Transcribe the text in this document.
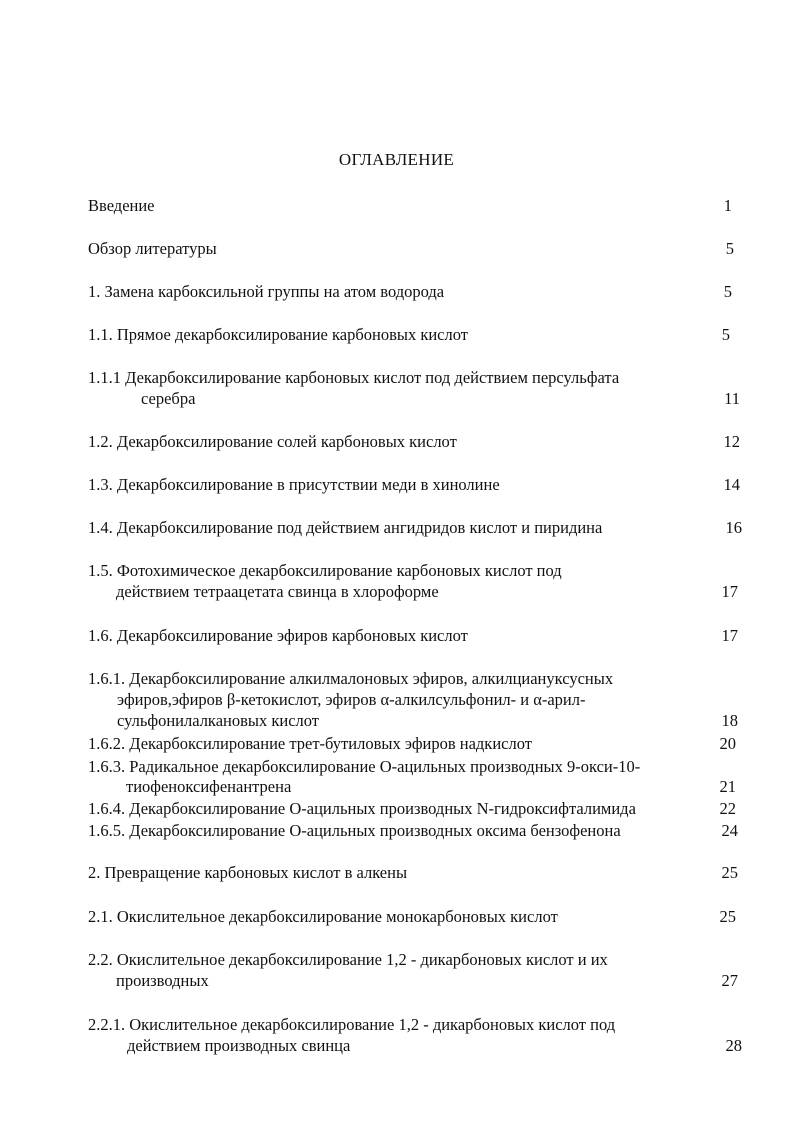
ОГЛАВЛЕНИЕ
Введение	1
Обзор литературы	5
1. Замена карбоксильной группы на атом водорода	5
1.1. Прямое декарбоксилирование карбоновых кислот	5
1.1.1 Декарбоксилирование карбоновых кислот под действием персульфата
серебра	11
1.2. Декарбоксилирование солей карбоновых кислот	12
1.3. Декарбоксилирование в присутствии меди в хинолине	14
1.4. Декарбоксилирование под действием ангидридов кислот и пиридина	16
1.5. Фотохимическое декарбоксилирование карбоновых кислот под
действием тетраацетата свинца в хлороформе	17
1.6. Декарбоксилирование эфиров карбоновых кислот	17
1.6.1. Декарбоксилирование алкилмалоновых эфиров, алкилциануксусных
эфиров,эфиров β-кетокислот, эфиров α-алкилсульфонил- и α-арил-
сульфонилалкановых кислот	18
1.6.2. Декарбоксилирование трет-бутиловых эфиров надкислот	20
1.6.3. Радикальное декарбоксилирование О-ацильных производных 9-окси-10-
тиофеноксифенантрена	21
1.6.4. Декарбоксилирование О-ацильных производных N-гидроксифталимида	22
1.6.5. Декарбоксилирование О-ацильных производных оксима бензофенона	24
2. Превращение карбоновых кислот в алкены	25
2.1. Окислительное декарбоксилирование монокарбоновых кислот	25
2.2. Окислительное декарбоксилирование 1,2 - дикарбоновых кислот и их
производных	27
2.2.1. Окислительное декарбоксилирование 1,2 - дикарбоновых кислот под
действием производных свинца	28
